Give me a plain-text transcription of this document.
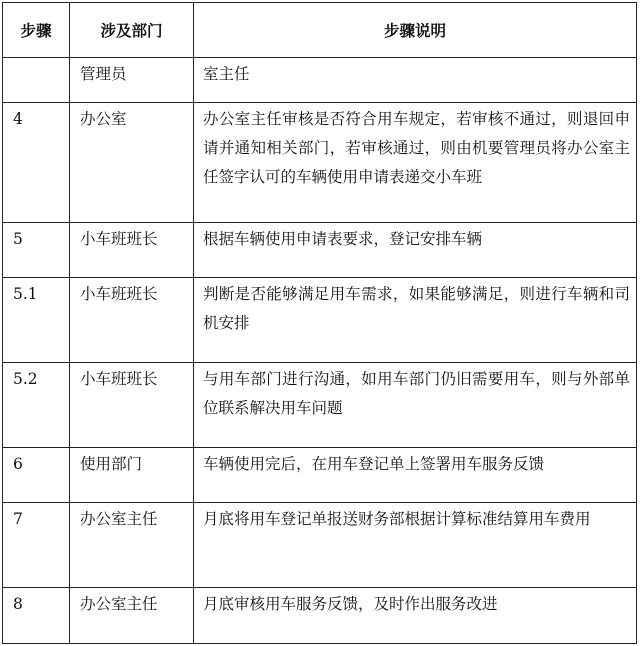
步骤	涉及部门	步骤说明
	管理员	室主任
4	办公室	办公室主任审核是否符合用车规定，若审核不通过，则退回申请并通知相关部门，若审核通过，则由机要管理员将办公室主任签字认可的车辆使用申请表递交小车班
5	小车班班长	根据车辆使用申请表要求，登记安排车辆
5.1	小车班班长	判断是否能够满足用车需求，如果能够满足，则进行车辆和司机安排
5.2	小车班班长	与用车部门进行沟通，如用车部门仍旧需要用车，则与外部单位联系解决用车问题
6	使用部门	车辆使用完后，在用车登记单上签署用车服务反馈
7	办公室主任	月底将用车登记单报送财务部根据计算标准结算用车费用
8	办公室主任	月底审核用车服务反馈，及时作出服务改进
